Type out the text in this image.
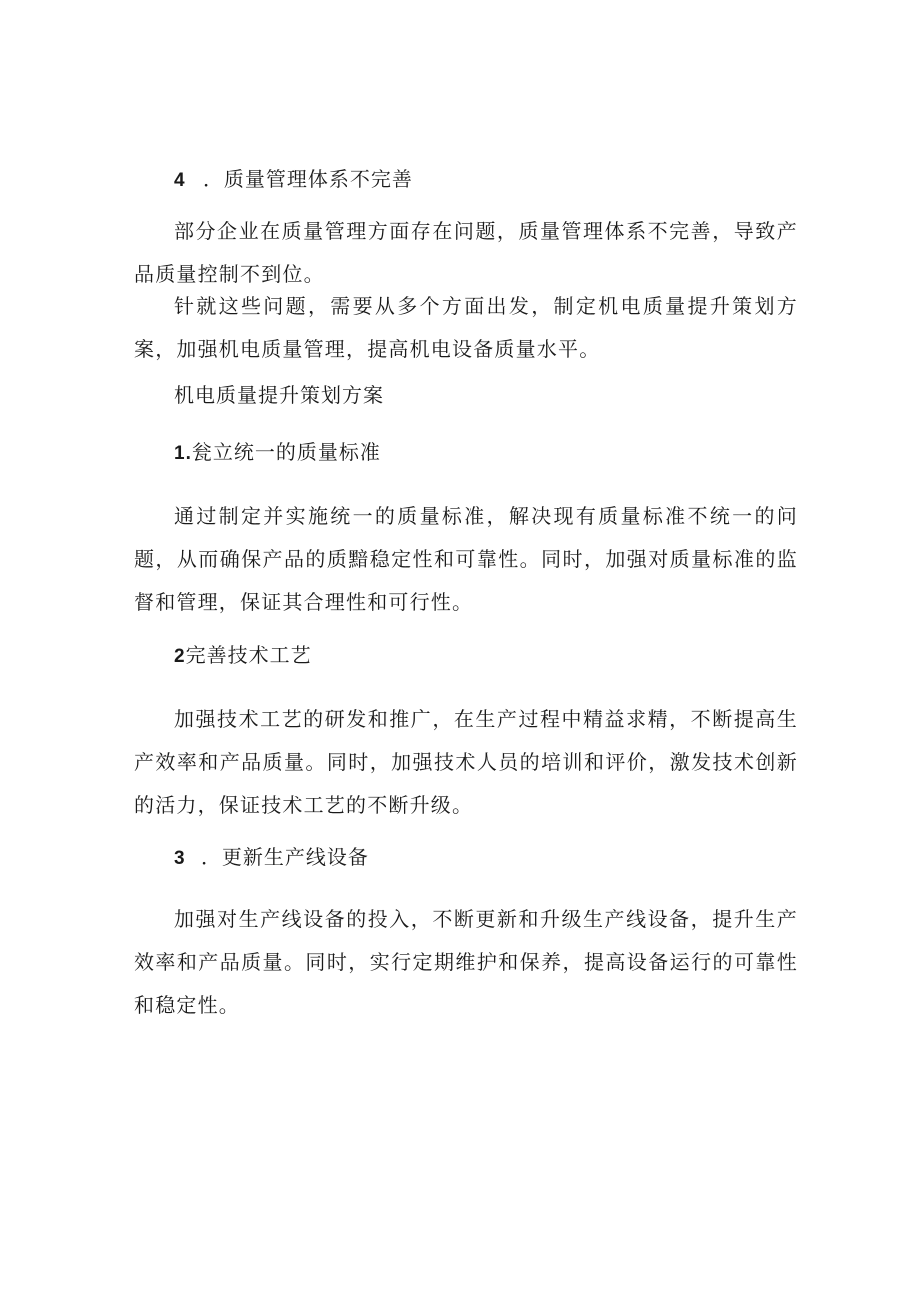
4 ．质量管理体系不完善
部分企业在质量管理方面存在问题，质量管理体系不完善，导致产品质量控制不到位。
针就这些问题，需要从多个方面出发，制定机电质量提升策划方案，加强机电质量管理，提高机电设备质量水平。
机电质量提升策划方案
1.瓮立统一的质量标准
通过制定并实施统一的质量标准，解决现有质量标准不统一的问题，从而确保产品的质黯稳定性和可靠性。同时，加强对质量标准的监督和管理，保证其合理性和可行性。
2完善技术工艺
加强技术工艺的研发和推广，在生产过程中精益求精，不断提高生产效率和产品质量。同时，加强技术人员的培训和评价，激发技术创新的活力，保证技术工艺的不断升级。
3 ．更新生产线设备
加强对生产线设备的投入，不断更新和升级生产线设备，提升生产效率和产品质量。同时，实行定期维护和保养，提高设备运行的可靠性和稳定性。
